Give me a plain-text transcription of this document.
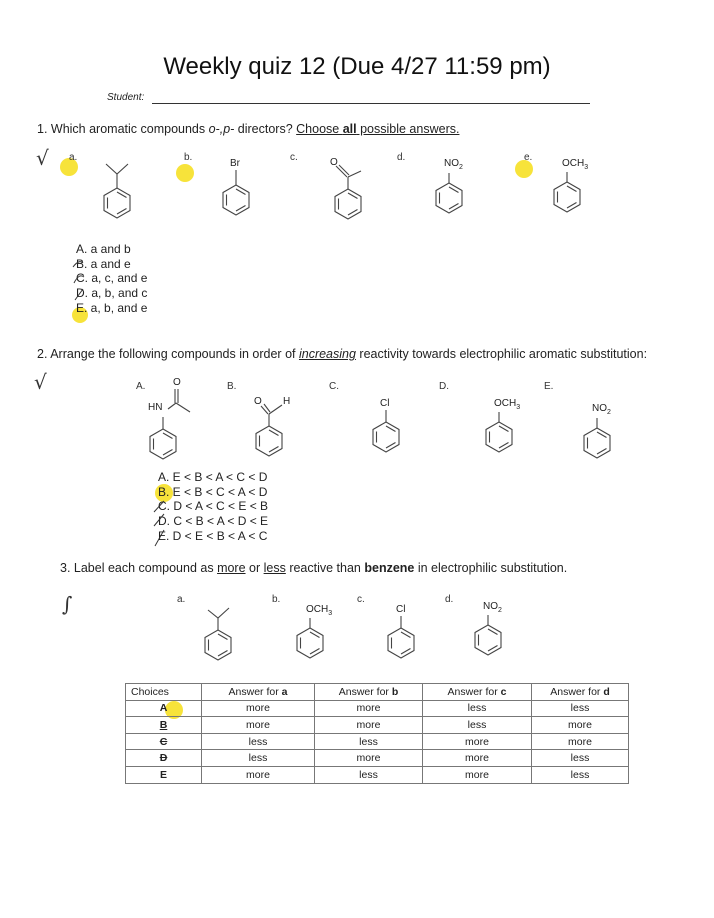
Weekly quiz 12 (Due 4/27 11:59 pm)
Student:
1. Which aromatic compounds o-,p- directors? Choose all possible answers.
√ a.	b.	c.	d.	e.
Br	O	$NO_2$	$OCH_3$
A. a and b
B. a and e
C. a, c, and e
D. a, b, and c
E. a, b, and e
2. Arrange the following compounds in order of increasing reactivity towards electrophilic aromatic substitution:
√	A.	B.	C.	D.	E.
O
HN
O H	Cl	$OCH_3$	$NO_2$
A. E < B < A < C < D
B. E < B < C < A < D
C. D < A < C < E < B
D. C < B < A < D < E
E. D < E < B < A < C
3. Label each compound as more or less reactive than benzene in electrophilic substitution.
∫	a.	b.	c.	d.
$OCH_3$	Cl	$NO_2$
Choices	Answer for a	Answer for b	Answer for c	Answer for d
A	more	more	less	less
B	more	more	less	more
C	less	less	more	more
D	less	more	more	less
E	more	less	more	less
